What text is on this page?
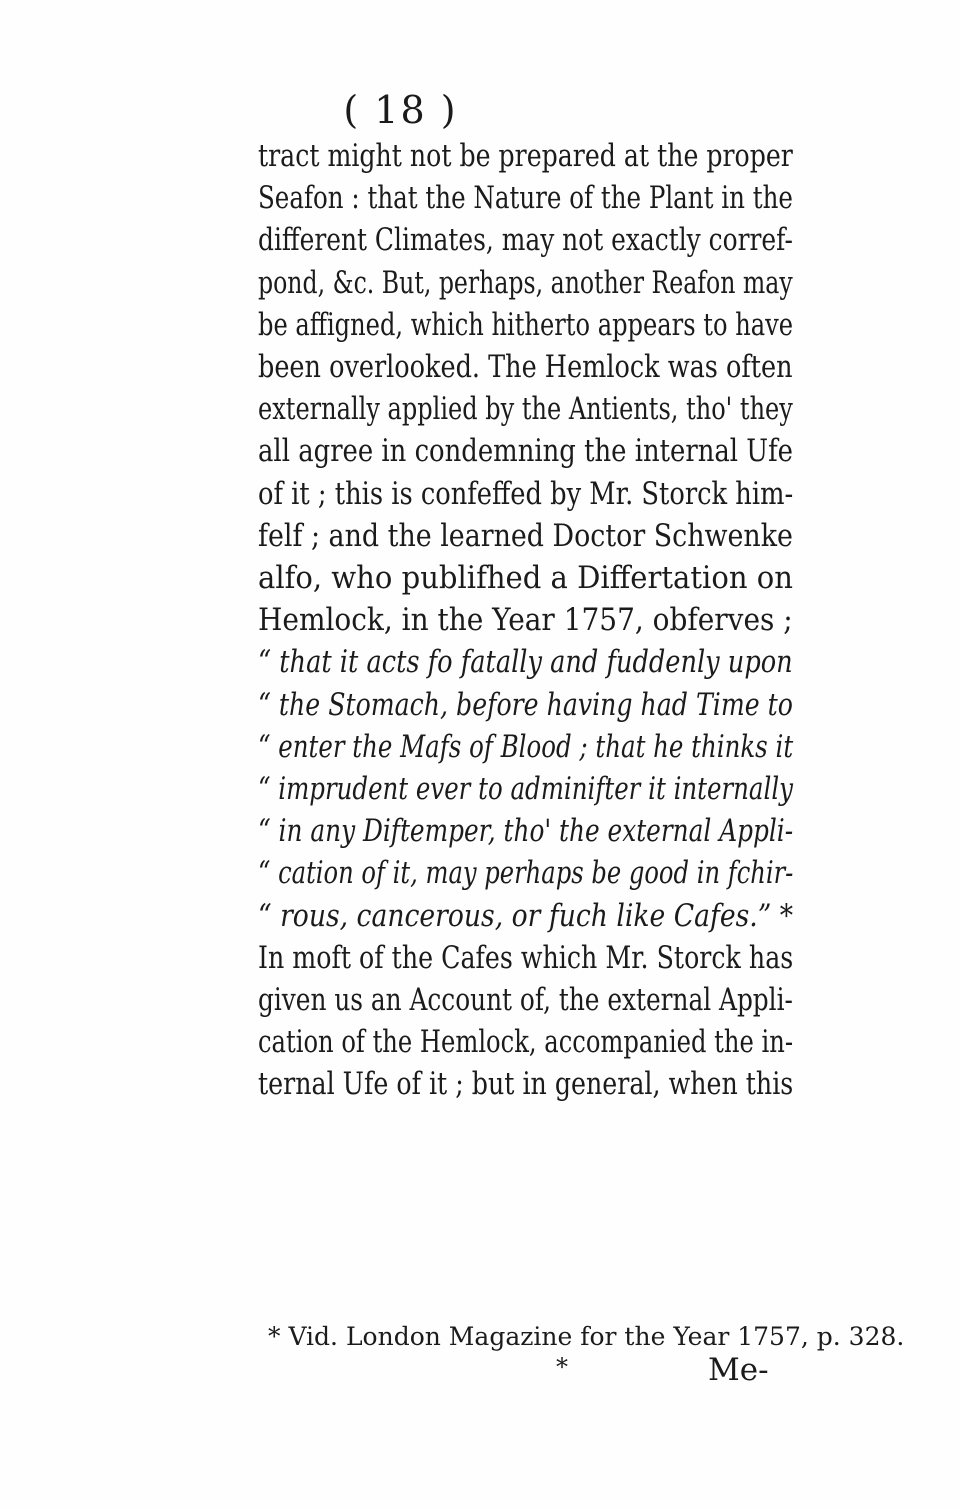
( 18 )
tract might not be prepared at the proper
Seafon : that the Nature of the Plant in the
different Climates, may not exactly corref-
pond, &c. But, perhaps, another Reafon may
be affigned, which hitherto appears to have
been overlooked. The Hemlock was often
externally applied by the Antients, tho' they
all agree in condemning the internal Ufe
of it ; this is confeffed by Mr. Storck him-
felf ; and the learned Doctor Schwenke
alfo, who publifhed a Differtation on
Hemlock, in the Year 1757, obferves ;
“ that it acts fo fatally and fuddenly upon
“ the Stomach, before having had Time to
“ enter the Mafs of Blood ; that he thinks it
“ imprudent ever to adminifter it internally
“ in any Diftemper, tho' the external Appli-
“ cation of it, may perhaps be good in fchir-
“ rous, cancerous, or fuch like Cafes.” *
In moft of the Cafes which Mr. Storck has
given us an Account of, the external Appli-
cation of the Hemlock, accompanied the in-
ternal Ufe of it ; but in general, when this
* Vid. London Magazine for the Year 1757, p. 328.
*	Me-
